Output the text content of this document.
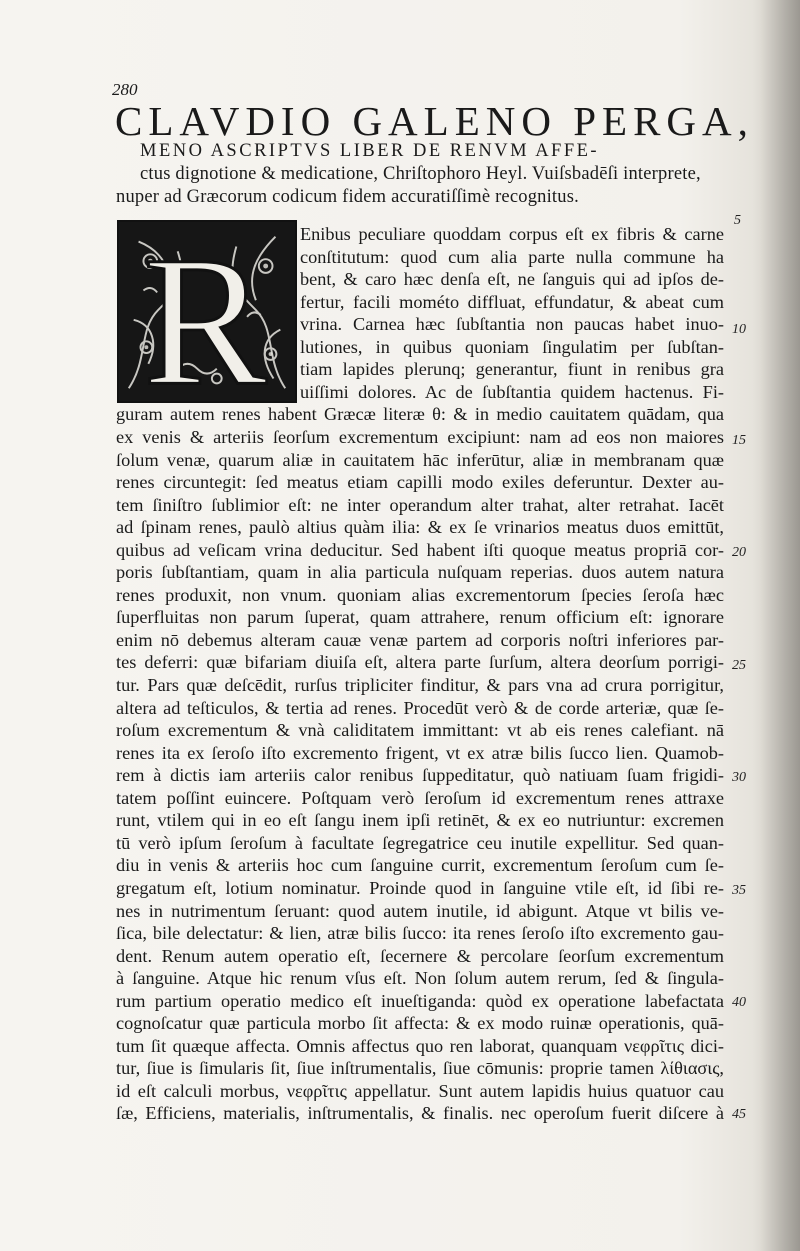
280
CLAVDIO GALENO PERGA,
MENO ASCRIPTVS LIBER DE RENVM AFFE-
ctus dignotione & medicatione, Chriſtophoro Heyl. Vuiſsbadēſi interprete,
nuper ad Græcorum codicum fidem accuratiſſimè recognitus.
R Enibus peculiare quoddam corpus eſt ex fibris & carne
conſtitutum: quod cum alia parte nulla commune ha
bent, & caro hæc denſa eſt, ne ſanguis qui ad ipſos de-
fertur, facili mométo diffluat, effundatur, & abeat cum
vrina. Carnea hæc ſubſtantia non paucas habet inuo-
lutiones, in quibus quoniam ſingulatim per ſubſtan-
tiam lapides plerunq; generantur, fiunt in renibus gra
uiſſimi dolores. Ac de ſubſtantia quidem hactenus. Fi-
guram autem renes habent Græcæ literæ θ: & in medio cauitatem quādam, qua
ex venis & arteriis ſeorſum excrementum excipiunt: nam ad eos non maiores
ſolum venæ, quarum aliæ in cauitatem hāc inferūtur, aliæ in membranam quæ
renes circuntegit: ſed meatus etiam capilli modo exiles deferuntur. Dexter au-
tem ſiniſtro ſublimior eſt: ne inter operandum alter trahat, alter retrahat. Iacēt
ad ſpinam renes, paulò altius quàm ilia: & ex ſe vrinarios meatus duos emittūt,
quibus ad veſicam vrina deducitur. Sed habent iſti quoque meatus propriā cor-
poris ſubſtantiam, quam in alia particula nuſquam reperias. duos autem natura
renes produxit, non vnum. quoniam alias excrementorum ſpecies ſeroſa hæc
ſuperfluitas non parum ſuperat, quam attrahere, renum officium eſt: ignorare
enim nō debemus alteram cauæ venæ partem ad corporis noſtri inferiores par-
tes deferri: quæ bifariam diuiſa eſt, altera parte ſurſum, altera deorſum porrigi-
tur. Pars quæ deſcēdit, rurſus tripliciter finditur, & pars vna ad crura porrigitur,
altera ad teſticulos, & tertia ad renes. Procedūt verò & de corde arteriæ, quæ ſe-
roſum excrementum & vnà caliditatem immittant: vt ab eis renes calefiant. nā
renes ita ex ſeroſo iſto excremento frigent, vt ex atræ bilis ſucco lien. Quamob-
rem à dictis iam arteriis calor renibus ſuppeditatur, quò natiuam ſuam frigidi-
tatem poſſint euincere. Poſtquam verò ſeroſum id excrementum renes attraxe
runt, vtilem qui in eo eſt ſangu inem ipſi retinēt, & ex eo nutriuntur: excremen
tū verò ipſum ſeroſum à facultate ſegregatrice ceu inutile expellitur. Sed quan-
diu in venis & arteriis hoc cum ſanguine currit, excrementum ſeroſum cum ſe-
gregatum eſt, lotium nominatur. Proinde quod in ſanguine vtile eſt, id ſibi re-
nes in nutrimentum ſeruant: quod autem inutile, id abigunt. Atque vt bilis ve-
ſica, bile delectatur: & lien, atræ bilis ſucco: ita renes ſeroſo iſto excremento gau-
dent. Renum autem operatio eſt, ſecernere & percolare ſeorſum excrementum
à ſanguine. Atque hic renum vſus eſt. Non ſolum autem rerum, ſed & ſingula-
rum partium operatio medico eſt inueſtiganda: quòd ex operatione labefactata
cognoſcatur quæ particula morbo ſit affecta: & ex modo ruinæ operationis, quā-
tum ſit quæque affecta. Omnis affectus quo ren laborat, quanquam νεφρῖτις dici-
tur, ſiue is ſimularis ſit, ſiue inſtrumentalis, ſiue cōmunis: proprie tamen λίθιασις,
id eſt calculi morbus, νεφρῖτις appellatur. Sunt autem lapidis huius quatuor cau
ſæ, Efficiens, materialis, inſtrumentalis, & finalis. nec operoſum fuerit diſcere à
5
10
15
20
25
30
35
40
45
